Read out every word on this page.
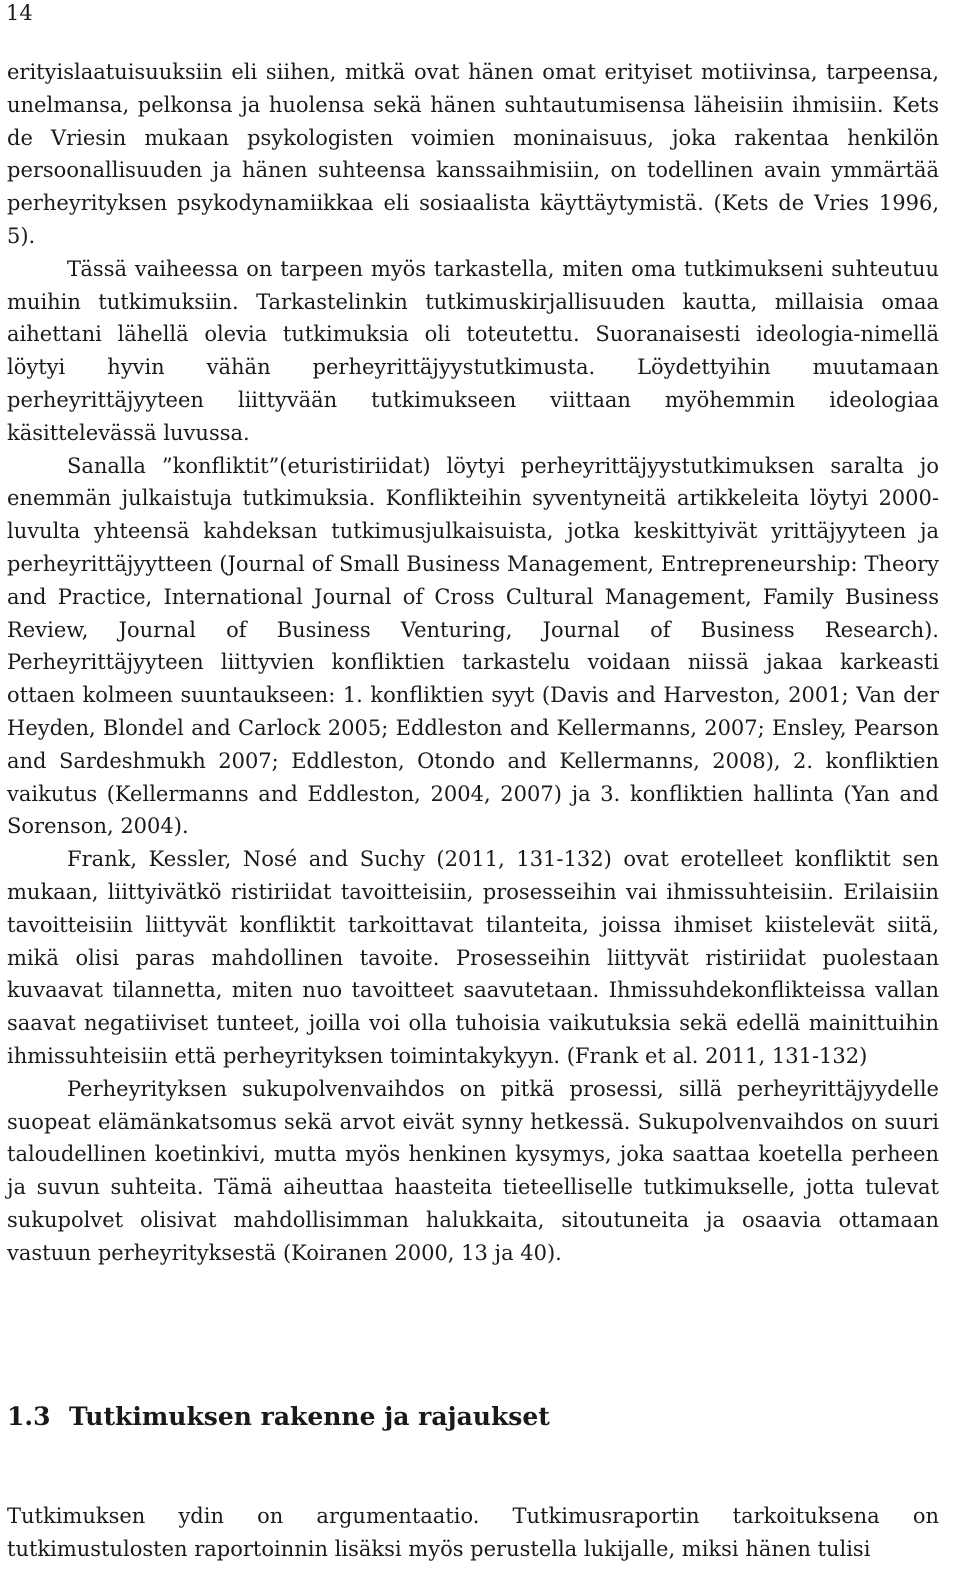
14

erityislaatuisuuksiin eli siihen, mitkä ovat hänen omat erityiset motiivinsa, tarpeensa, unelmansa, pelkonsa ja huolensa sekä hänen suhtautumisensa läheisiin ihmisiin. Kets de Vriesin mukaan psykologisten voimien moninaisuus, joka rakentaa henkilön persoonallisuuden ja hänen suhteensa kanssaihmisiin, on todellinen avain ymmärtää perheyrityksen psykodynamiikkaa eli sosiaalista käyttäytymistä. (Kets de Vries 1996, 5).

Tässä vaiheessa on tarpeen myös tarkastella, miten oma tutkimukseni suhteutuu muihin tutkimuksiin. Tarkastelinkin tutkimuskirjallisuuden kautta, millaisia omaa aihettani lähellä olevia tutkimuksia oli toteutettu. Suoranaisesti ideologia-nimellä löytyi hyvin vähän perheyrittäjyystutkimusta. Löydettyihin muutamaan perheyrittäjyyteen liittyvään tutkimukseen viittaan myöhemmin ideologiaa käsittelevässä luvussa.

Sanalla ”konfliktit”(eturistiriidat) löytyi perheyrittäjyystutkimuksen saralta jo enemmän julkaistuja tutkimuksia. Konflikteihin syventyneitä artikkeleita löytyi 2000-luvulta yhteensä kahdeksan tutkimusjulkaisuista, jotka keskittyivät yrittäjyyteen ja perheyrittäjyytteen (Journal of Small Business Management, Entrepreneurship: Theory and Practice, International Journal of Cross Cultural Management, Family Business Review, Journal of Business Venturing, Journal of Business Research). Perheyrittäjyyteen liittyvien konfliktien tarkastelu voidaan niissä jakaa karkeasti ottaen kolmeen suuntaukseen: 1. konfliktien syyt (Davis and Harveston, 2001; Van der Heyden, Blondel and Carlock 2005; Eddleston and Kellermanns, 2007; Ensley, Pearson and Sardeshmukh 2007; Eddleston, Otondo and Kellermanns, 2008), 2. konfliktien vaikutus (Kellermanns and Eddleston, 2004, 2007) ja 3. konfliktien hallinta (Yan and Sorenson, 2004).

Frank, Kessler, Nosé and Suchy (2011, 131-132) ovat erotelleet konfliktit sen mukaan, liittyivätkö ristiriidat tavoitteisiin, prosesseihin vai ihmissuhteisiin. Erilaisiin tavoitteisiin liittyvät konfliktit tarkoittavat tilanteita, joissa ihmiset kiistelevät siitä, mikä olisi paras mahdollinen tavoite. Prosesseihin liittyvät ristiriidat puolestaan kuvaavat tilannetta, miten nuo tavoitteet saavutetaan. Ihmissuhdekonflikteissa vallan saavat negatiiviset tunteet, joilla voi olla tuhoisia vaikutuksia sekä edellä mainittuihin ihmissuhteisiin että perheyrityksen toimintakykyyn. (Frank et al. 2011, 131-132)

Perheyrityksen sukupolvenvaihdos on pitkä prosessi, sillä perheyrittäjyydelle suopeat elämänkatsomus sekä arvot eivät synny hetkessä. Sukupolvenvaihdos on suuri taloudellinen koetinkivi, mutta myös henkinen kysymys, joka saattaa koetella perheen ja suvun suhteita. Tämä aiheuttaa haasteita tieteelliselle tutkimukselle, jotta tulevat sukupolvet olisivat mahdollisimman halukkaita, sitoutuneita ja osaavia ottamaan vastuun perheyrityksestä (Koiranen 2000, 13 ja 40).

1.3 Tutkimuksen rakenne ja rajaukset

Tutkimuksen ydin on argumentaatio. Tutkimusraportin tarkoituksena on tutkimustulosten raportoinnin lisäksi myös perustella lukijalle, miksi hänen tulisi
